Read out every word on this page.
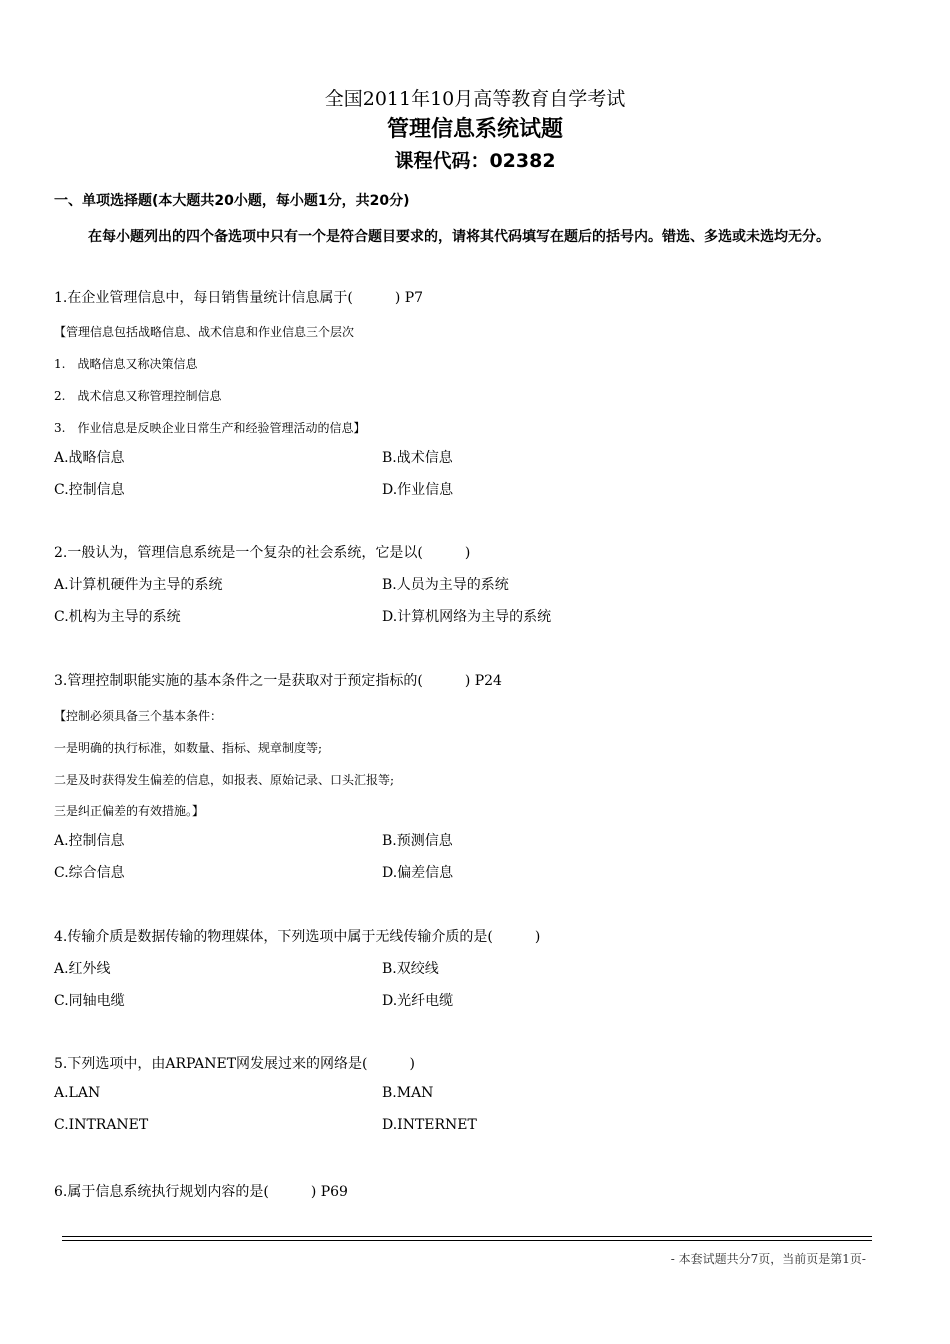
全国2011年10月高等教育自学考试
管理信息系统试题
课程代码：02382
一、单项选择题(本大题共20小题，每小题1分，共20分)
在每小题列出的四个备选项中只有一个是符合题目要求的，请将其代码填写在题后的括号内。错选、多选或未选均无分。
1.在企业管理信息中，每日销售量统计信息属于(　　　) P7
【管理信息包括战略信息、战术信息和作业信息三个层次
1.　战略信息又称决策信息
2.　战术信息又称管理控制信息
3.　作业信息是反映企业日常生产和经验管理活动的信息】
A.战略信息	B.战术信息
C.控制信息	D.作业信息
2.一般认为，管理信息系统是一个复杂的社会系统，它是以(　　　)
A.计算机硬件为主导的系统	B.人员为主导的系统
C.机构为主导的系统	D.计算机网络为主导的系统
3.管理控制职能实施的基本条件之一是获取对于预定指标的(　　　) P24
【控制必须具备三个基本条件：
一是明确的执行标准，如数量、指标、规章制度等;
二是及时获得发生偏差的信息，如报表、原始记录、口头汇报等;
三是纠正偏差的有效措施。】
A.控制信息	B.预测信息
C.综合信息	D.偏差信息
4.传输介质是数据传输的物理媒体，下列选项中属于无线传输介质的是(　　　)
A.红外线	B.双绞线
C.同轴电缆	D.光纤电缆
5.下列选项中，由ARPANET网发展过来的网络是(　　　)
A.LAN	B.MAN
C.INTRANET	D.INTERNET
6.属于信息系统执行规划内容的是(　　　) P69
- 本套试题共分7页，当前页是第1页-
